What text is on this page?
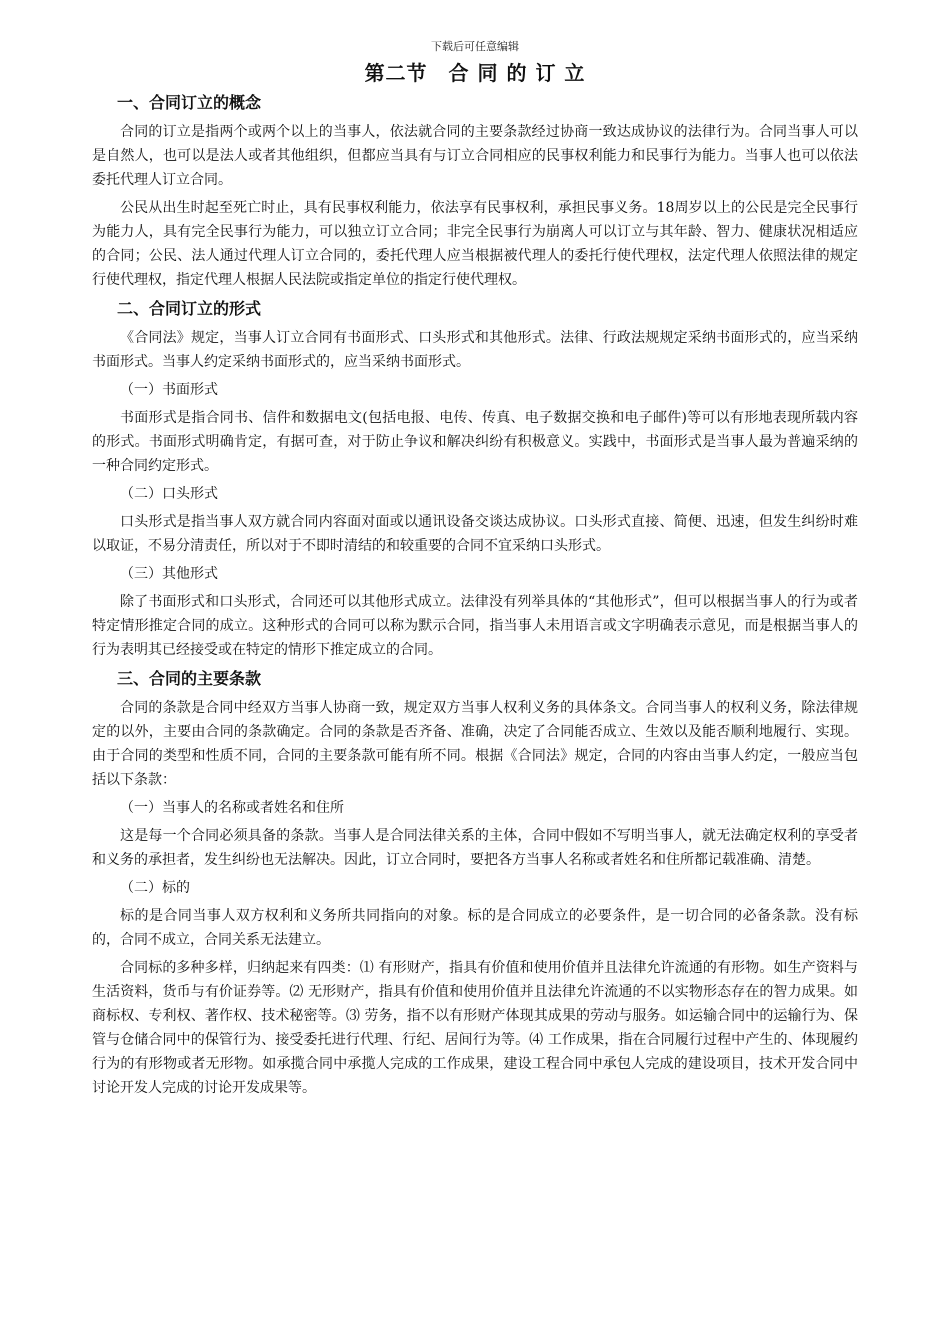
下载后可任意编辑
第二节　合 同 的 订 立
一、合同订立的概念

合同的订立是指两个或两个以上的当事人，依法就合同的主要条款经过协商一致达成协议的法律行为。合同当事人可以是自然人，也可以是法人或者其他组织，但都应当具有与订立合同相应的民事权利能力和民事行为能力。当事人也可以依法委托代理人订立合同。

公民从出生时起至死亡时止，具有民事权利能力，依法享有民事权利，承担民事义务。18周岁以上的公民是完全民事行为能力人，具有完全民事行为能力，可以独立订立合同；非完全民事行为崩离人可以订立与其年龄、智力、健康状况相适应的合同；公民、法人通过代理人订立合同的，委托代理人应当根据被代理人的委托行使代理权，法定代理人依照法律的规定行使代理权，指定代理人根据人民法院或指定单位的指定行使代理权。

二、合同订立的形式

《合同法》规定，当事人订立合同有书面形式、口头形式和其他形式。法律、行政法规规定采纳书面形式的，应当采纳书面形式。当事人约定采纳书面形式的，应当采纳书面形式。

（一）书面形式

书面形式是指合同书、信件和数据电文(包括电报、电传、传真、电子数据交换和电子邮件)等可以有形地表现所载内容的形式。书面形式明确肯定，有据可查，对于防止争议和解决纠纷有积极意义。实践中，书面形式是当事人最为普遍采纳的一种合同约定形式。

（二）口头形式

口头形式是指当事人双方就合同内容面对面或以通讯设备交谈达成协议。口头形式直接、简便、迅速，但发生纠纷时难以取证，不易分清责任，所以对于不即时清结的和较重要的合同不宜采纳口头形式。

（三）其他形式

除了书面形式和口头形式，合同还可以其他形式成立。法律没有列举具体的“其他形式”，但可以根据当事人的行为或者特定情形推定合同的成立。这种形式的合同可以称为默示合同，指当事人未用语言或文字明确表示意见，而是根据当事人的行为表明其已经接受或在特定的情形下推定成立的合同。

三、合同的主要条款

合同的条款是合同中经双方当事人协商一致，规定双方当事人权利义务的具体条文。合同当事人的权利义务，除法律规定的以外，主要由合同的条款确定。合同的条款是否齐备、准确，决定了合同能否成立、生效以及能否顺利地履行、实现。由于合同的类型和性质不同，合同的主要条款可能有所不同。根据《合同法》规定，合同的内容由当事人约定，一般应当包括以下条款：

（一）当事人的名称或者姓名和住所

这是每一个合同必须具备的条款。当事人是合同法律关系的主体，合同中假如不写明当事人，就无法确定权利的享受者和义务的承担者，发生纠纷也无法解决。因此，订立合同时，要把各方当事人名称或者姓名和住所都记载准确、清楚。

（二）标的

标的是合同当事人双方权利和义务所共同指向的对象。标的是合同成立的必要条件，是一切合同的必备条款。没有标的，合同不成立，合同关系无法建立。

合同标的多种多样，归纳起来有四类：⑴ 有形财产，指具有价值和使用价值并且法律允许流通的有形物。如生产资料与生活资料，货币与有价证券等。⑵ 无形财产，指具有价值和使用价值并且法律允许流通的不以实物形态存在的智力成果。如商标权、专利权、著作权、技术秘密等。⑶ 劳务，指不以有形财产体现其成果的劳动与服务。如运输合同中的运输行为、保管与仓储合同中的保管行为、接受委托进行代理、行纪、居间行为等。⑷ 工作成果，指在合同履行过程中产生的、体现履约行为的有形物或者无形物。如承揽合同中承揽人完成的工作成果，建设工程合同中承包人完成的建设项目，技术开发合同中讨论开发人完成的讨论开发成果等。
